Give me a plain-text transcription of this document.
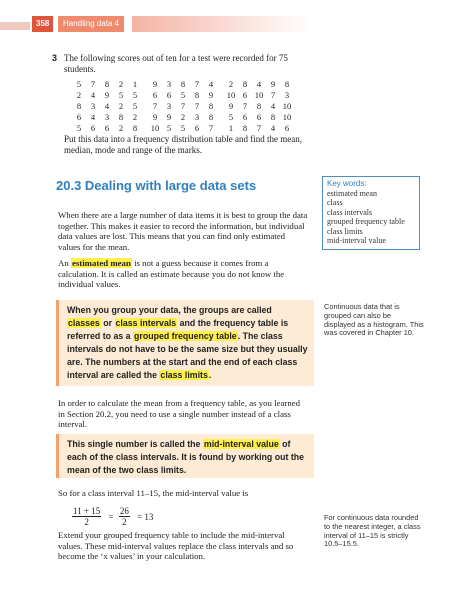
358	Handling data 4
3 The following scores out of ten for a test were recorded for 75 students.

5	7	8	2	1		9	3	8	7	4		2	8	4	9	8
2	4	9	5	5		6	6	5	8	9		10	6	10	7	3
8	3	4	2	5		7	3	7	7	8		9	7	8	4	10
6	4	3	8	2		9	9	2	3	8		5	6	6	8	10
5	6	6	2	8		10	5	5	6	7		1	8	7	4	6

Put this data into a frequency distribution table and find the mean, median, mode and range of the marks.

20.3 Dealing with large data sets	Key words:
estimated mean
class
class intervals
grouped frequency table
class limits
mid-interval value

When there are a large number of data items it is best to group the data together. This makes it easier to record the information, but individual data values are lost. This means that you can find only estimated values for the mean.

An estimated mean is not a guess because it comes from a calculation. It is called an estimate because you do not know the individual values.

When you group your data, the groups are called classes or class intervals and the frequency table is referred to as a grouped frequency table. The class intervals do not have to be the same size but they usually are. The numbers at the start and the end of each class interval are called the class limits.

Continuous data that is grouped can also be displayed as a histogram. This was covered in Chapter 10.

In order to calculate the mean from a frequency table, as you learned in Section 20.2, you need to use a single number instead of a class interval.

This single number is called the mid-interval value of each of the class intervals. It is found by working out the mean of the two class limits.

So for a class interval 11–15, the mid-interval value is

$\frac{11 + 15}{2} = \frac{26}{2} = 13$

Extend your grouped frequency table to include the mid-interval values. These mid-interval values replace the class intervals and so become the ‘x values’ in your calculation.

For continuous data rounded to the nearest integer, a class interval of 11–15 is strictly 10.5–15.5.
